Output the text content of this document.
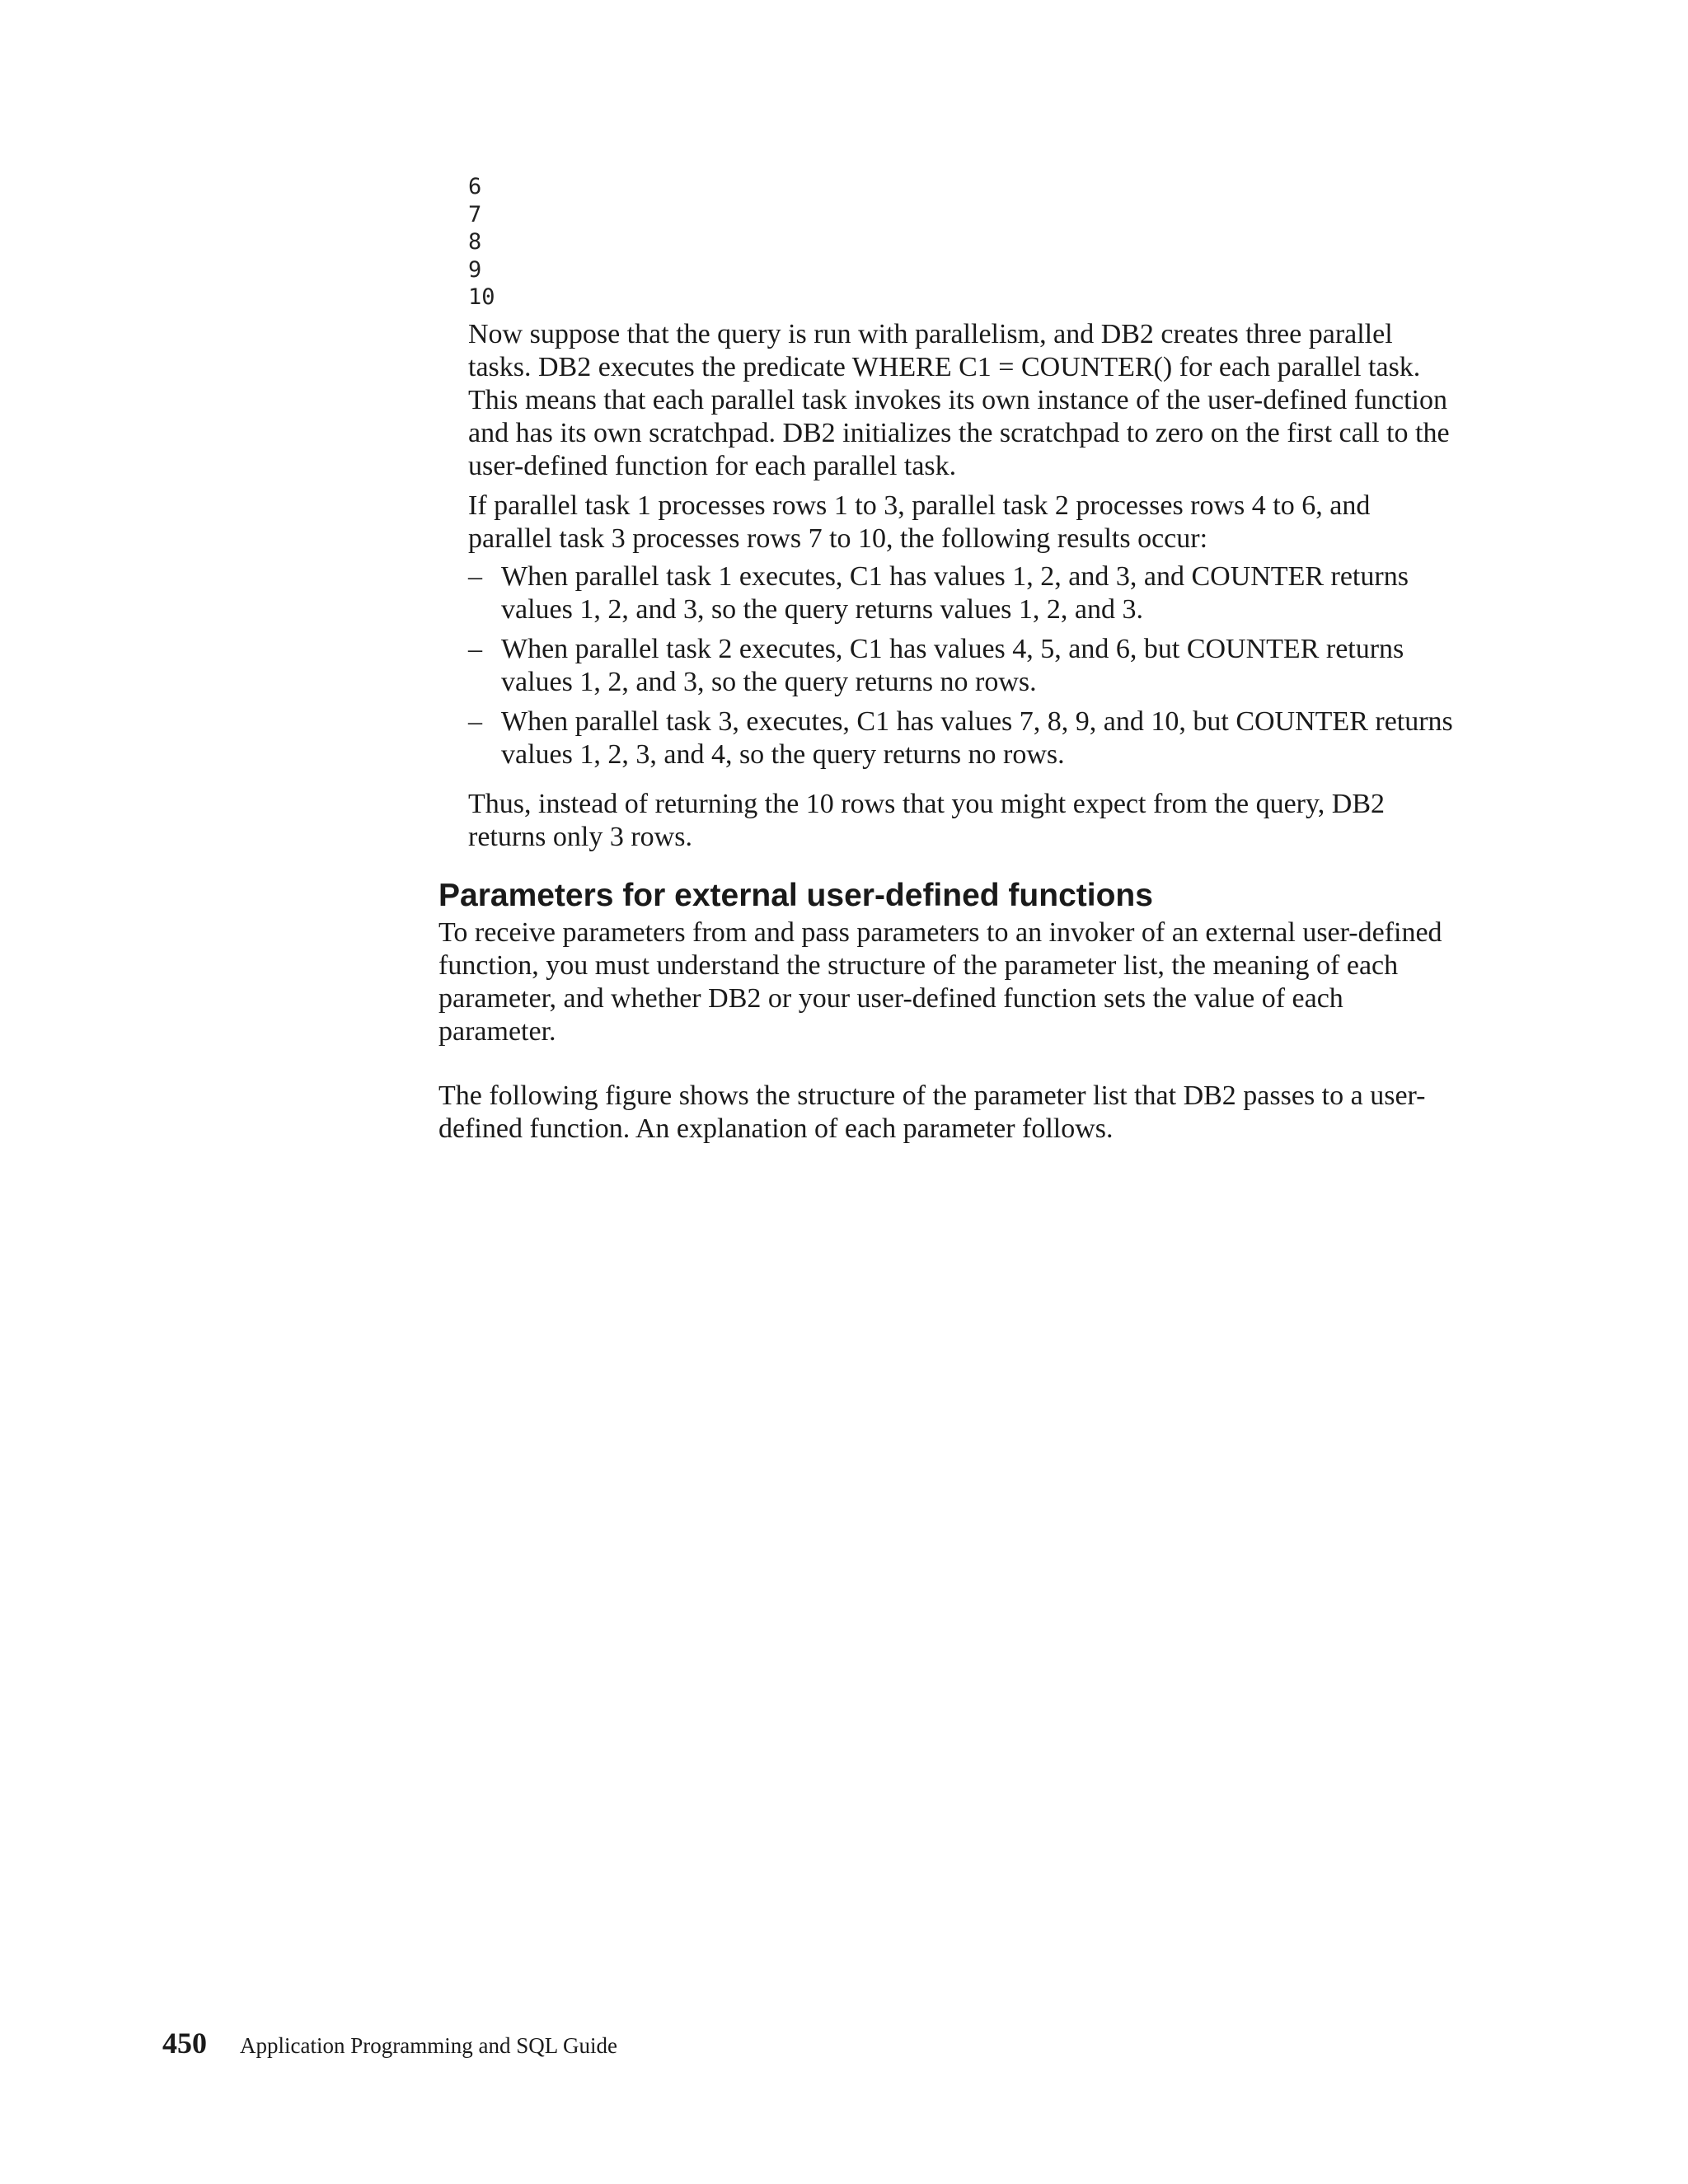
6
7
8
9
10

Now suppose that the query is run with parallelism, and DB2 creates three parallel tasks. DB2 executes the predicate WHERE C1 = COUNTER() for each parallel task. This means that each parallel task invokes its own instance of the user-defined function and has its own scratchpad. DB2 initializes the scratchpad to zero on the first call to the user-defined function for each parallel task.

If parallel task 1 processes rows 1 to 3, parallel task 2 processes rows 4 to 6, and parallel task 3 processes rows 7 to 10, the following results occur:

– When parallel task 1 executes, C1 has values 1, 2, and 3, and COUNTER returns values 1, 2, and 3, so the query returns values 1, 2, and 3.
– When parallel task 2 executes, C1 has values 4, 5, and 6, but COUNTER returns values 1, 2, and 3, so the query returns no rows.
– When parallel task 3, executes, C1 has values 7, 8, 9, and 10, but COUNTER returns values 1, 2, 3, and 4, so the query returns no rows.

Thus, instead of returning the 10 rows that you might expect from the query, DB2 returns only 3 rows.

Parameters for external user-defined functions

To receive parameters from and pass parameters to an invoker of an external user-defined function, you must understand the structure of the parameter list, the meaning of each parameter, and whether DB2 or your user-defined function sets the value of each parameter.

The following figure shows the structure of the parameter list that DB2 passes to a user-defined function. An explanation of each parameter follows.

450 Application Programming and SQL Guide
